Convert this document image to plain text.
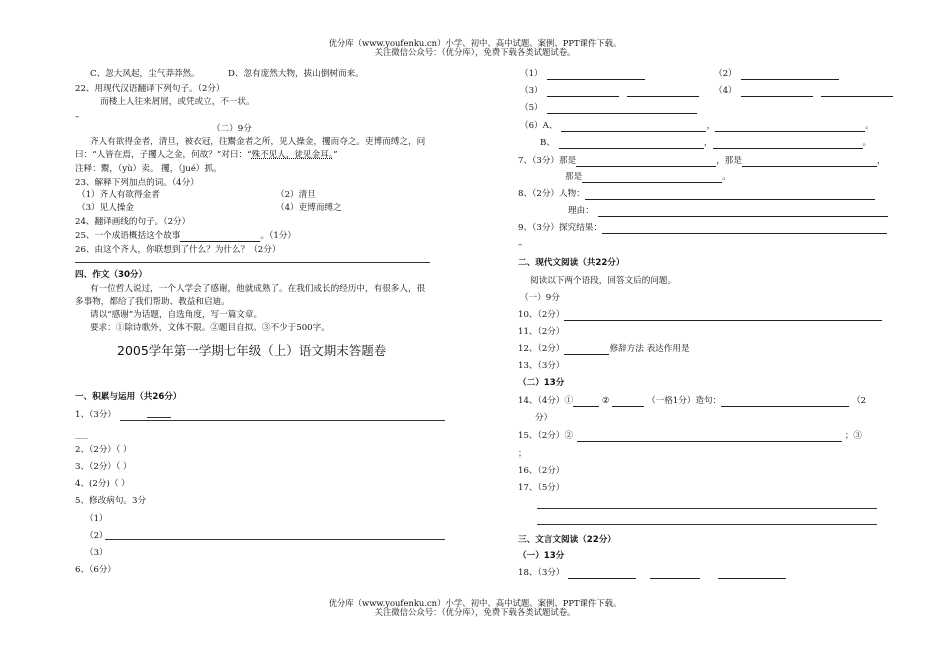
优分库（www.youfenku.cn）小学、初中、高中试题、案例、PPT课件下载。
关注微信公众号：（优分库），免费下载各类试题试卷。
C、忽大风起，尘气莽莽然。	D、忽有庞然大物，拔山倒树而来。
22、用现代汉语翻译下列句子。（2分）
而楼上人往来屑屑，或凭或立，不一状。
–
（二）9分
齐人有欲得金者，清旦，被衣冠，往鬻金者之所，见人操金，攫而夺之。吏博而缚之，问
曰：“人皆在焉，子攫人之金，何故？”对曰：“殊不见人，徒见金耳。”
注释：鬻，（yù）卖。 攫，（jué）抓。
23、解释下列加点的词。（4分）
（1）齐人有欲得金者	（2）清旦
（3）见人操金	（4）吏博而缚之
24、翻译画线的句子。（2分）
25、一个成语概括这个故事	。（1分）
26、由这个齐人，你联想到了什么？为什么？（2分）
四、作文（30分）
有一位哲人说过，一个人学会了感谢，他就成熟了。在我们成长的经历中，有很多人，很
多事物，都给了我们帮助、教益和启迪。
请以“感谢”为话题，自选角度，写一篇文章。
要求：①除诗歌外，文体不限。②题目自拟。③不少于500字。
2005学年第一学期七年级（上）语文期末答题卷
一、积累与运用（共26分）
1、（3分）
___
2、（2分）（ ）
3、（2分）（ ）
4、(2分)（ ）
5、修改病句。3分
（1）
（2）
（3）
6、（6分）
（1）	（2）
（3）	（4）
（5）
（6）A、	，	。
B、	，	。
7、（3分）那是	，那是	，
那是	。
8、（2分）人物：
理由：
9、（3分）探究结果：
–
二、现代文阅读（共22分）
阅读以下两个语段，回答文后的问题。
（一）9分
10、（2分）
11、（2分）
12、（2分）	修辞方法 表达作用是
13、（3分）
（二）13分
14、（4分）①	②	（一格1分）造句：	（2
分）
15、（2分）②	；③
；
16、（2分）
17、（5分）
三、文言文阅读（22分）
（一）13分
18、（3分）
优分库（www.youfenku.cn）小学、初中、高中试题、案例、PPT课件下载。
关注微信公众号：（优分库），免费下载各类试题试卷。
